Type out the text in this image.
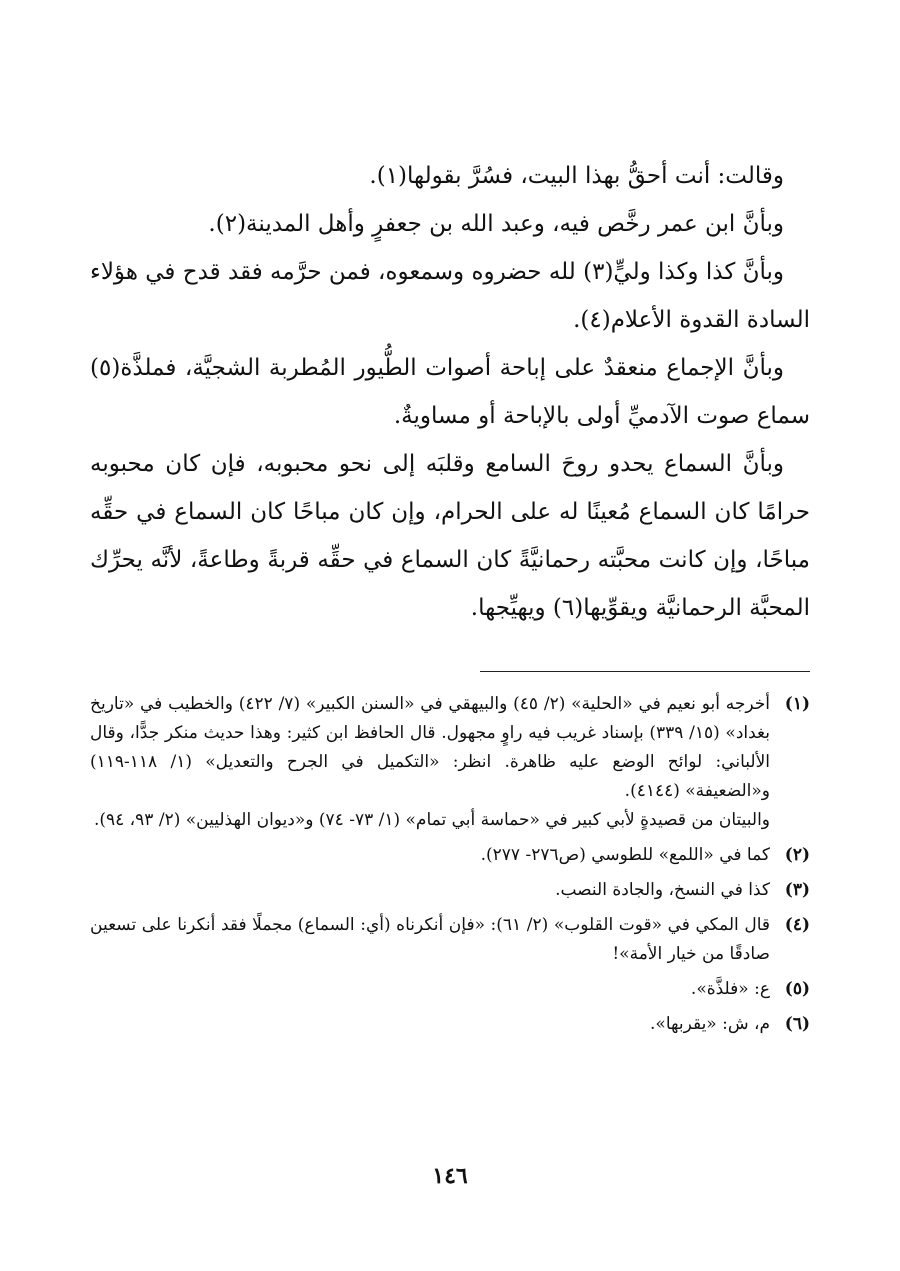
وقالت: أنت أحقُّ بهذا البيت، فسُرَّ بقولها(١).

وبأنَّ ابن عمر رخَّص فيه، وعبد الله بن جعفرٍ وأهل المدينة(٢).

وبأنَّ كذا وكذا وليٍّ(٣) لله حضروه وسمعوه، فمن حرَّمه فقد قدح في هؤلاء السادة القدوة الأعلام(٤).

وبأنَّ الإجماع منعقدٌ على إباحة أصوات الطُّيور المُطربة الشجيَّة، فملذَّة(٥) سماع صوت الآدميِّ أولى بالإباحة أو مساويةٌ.

وبأنَّ السماع يحدو روحَ السامع وقلبَه إلى نحو محبوبه، فإن كان محبوبه حرامًا كان السماع مُعينًا له على الحرام، وإن كان مباحًا كان السماع في حقِّه مباحًا، وإن كانت محبَّته رحمانيَّةً كان السماع في حقِّه قربةً وطاعةً، لأنَّه يحرِّك المحبَّة الرحمانيَّة ويقوِّيها(٦) ويهيِّجها.

(١)
أخرجه أبو نعيم في «الحلية» (٢/ ٤٥) والبيهقي في «السنن الكبير» (٧/ ٤٢٢) والخطيب في «تاريخ بغداد» (١٥/ ٣٣٩) بإسناد غريب فيه راوٍ مجهول. قال الحافظ ابن كثير: وهذا حديث منكر جدًّا، وقال الألباني: لوائح الوضع عليه ظاهرة. انظر: «التكميل في الجرح والتعديل» (١/ ١١٨-١١٩) و«الضعيفة» (٤١٤٤).
والبيتان من قصيدةٍ لأبي كبير في «حماسة أبي تمام» (١/ ٧٣- ٧٤) و«ديوان الهذليين» (٢/ ٩٣، ٩٤).
(٢)
كما في «اللمع» للطوسي (ص٢٧٦- ٢٧٧).
(٣)
كذا في النسخ، والجادة النصب.
(٤)
قال المكي في «قوت القلوب» (٢/ ٦١): «فإن أنكرناه (أي: السماع) مجملًا فقد أنكرنا على تسعين صادقًا من خيار الأمة»!
(٥)
ع: «فلذَّة».
(٦)
م، ش: «يقربها».
١٤٦
